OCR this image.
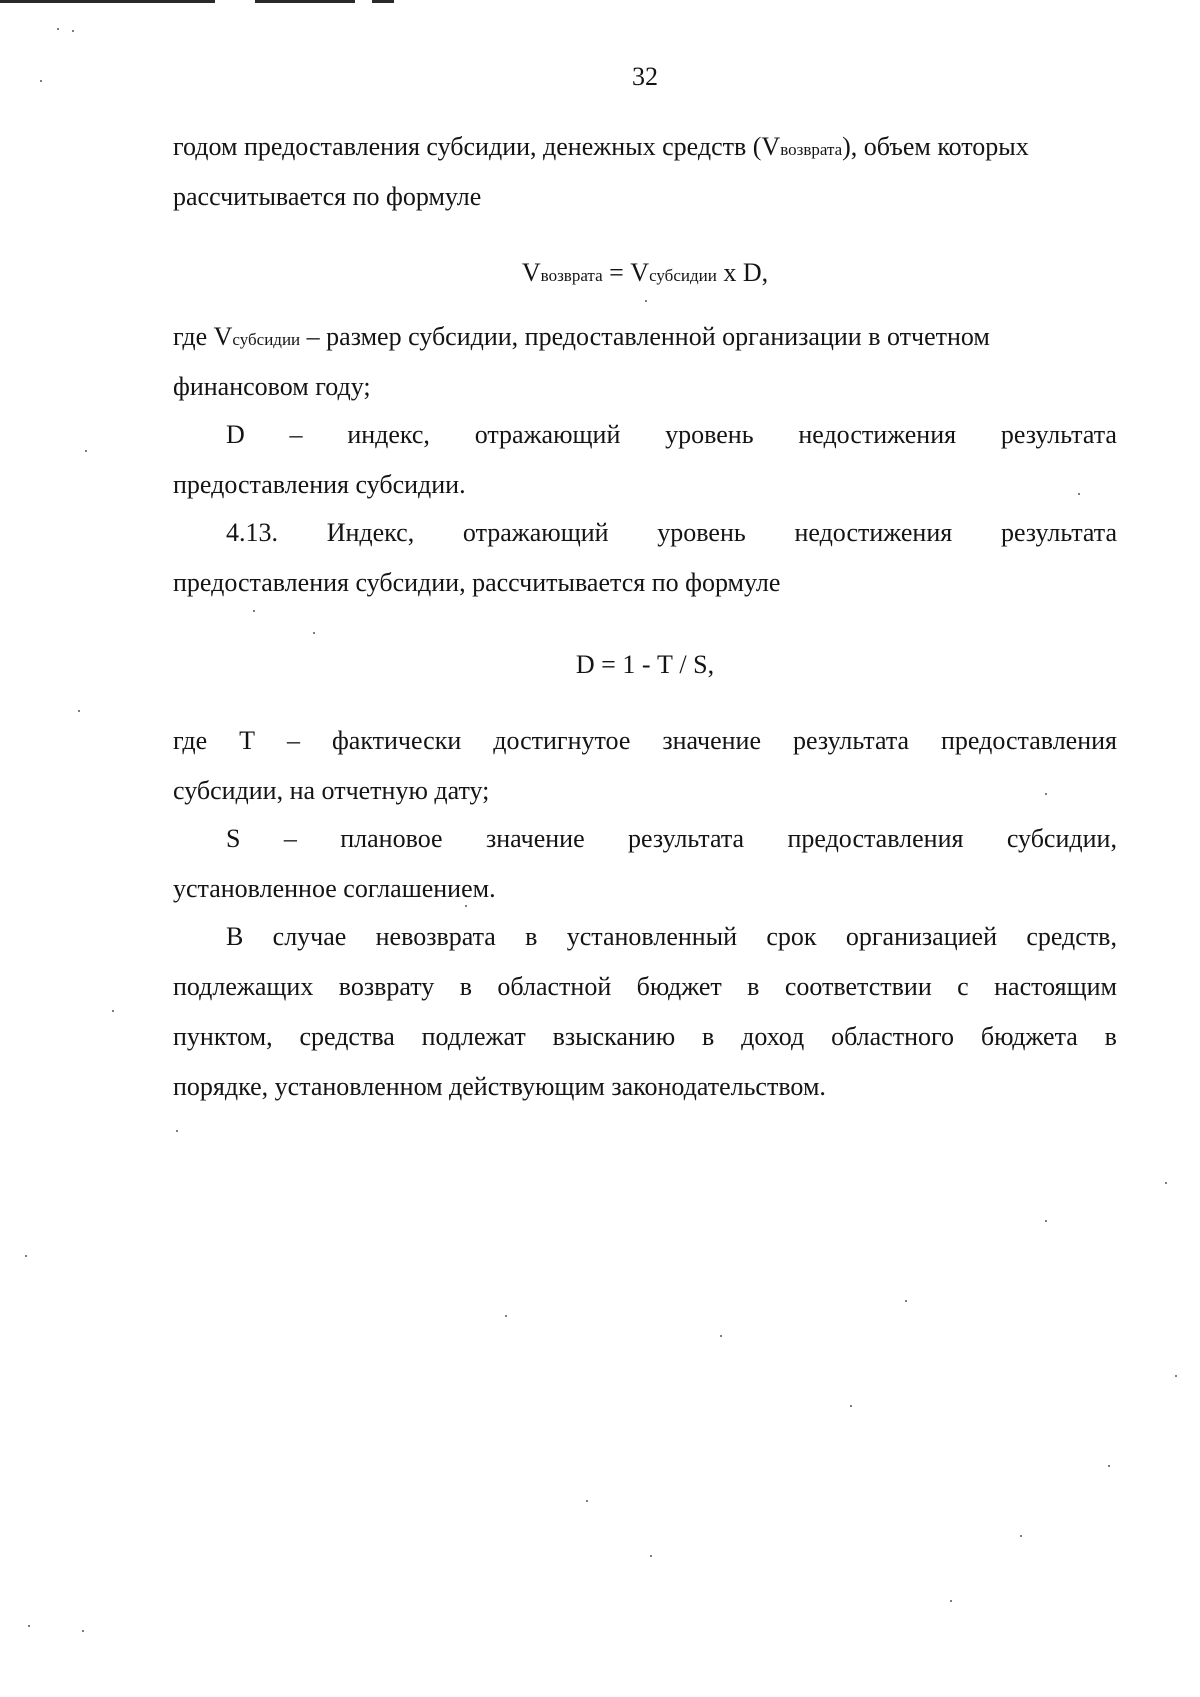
32
годом предоставления субсидии, денежных средств (Vвозврата), объем которых
рассчитывается по формуле
Vвозврата = Vсубсидии х D,
где Vсубсидии – размер субсидии, предоставленной организации в отчетном
финансовом году;
D – индекс, отражающий уровень недостижения результата
предоставления субсидии.
4.13. Индекс, отражающий уровень недостижения результата
предоставления субсидии, рассчитывается по формуле
D = 1 - Т / S,
где Т – фактически достигнутое значение результата предоставления
субсидии, на отчетную дату;
S – плановое значение результата предоставления субсидии,
установленное соглашением.
В случае невозврата в установленный срок организацией средств,
подлежащих возврату в областной бюджет в соответствии с настоящим
пунктом, средства подлежат взысканию в доход областного бюджета в
порядке, установленном действующим законодательством.
